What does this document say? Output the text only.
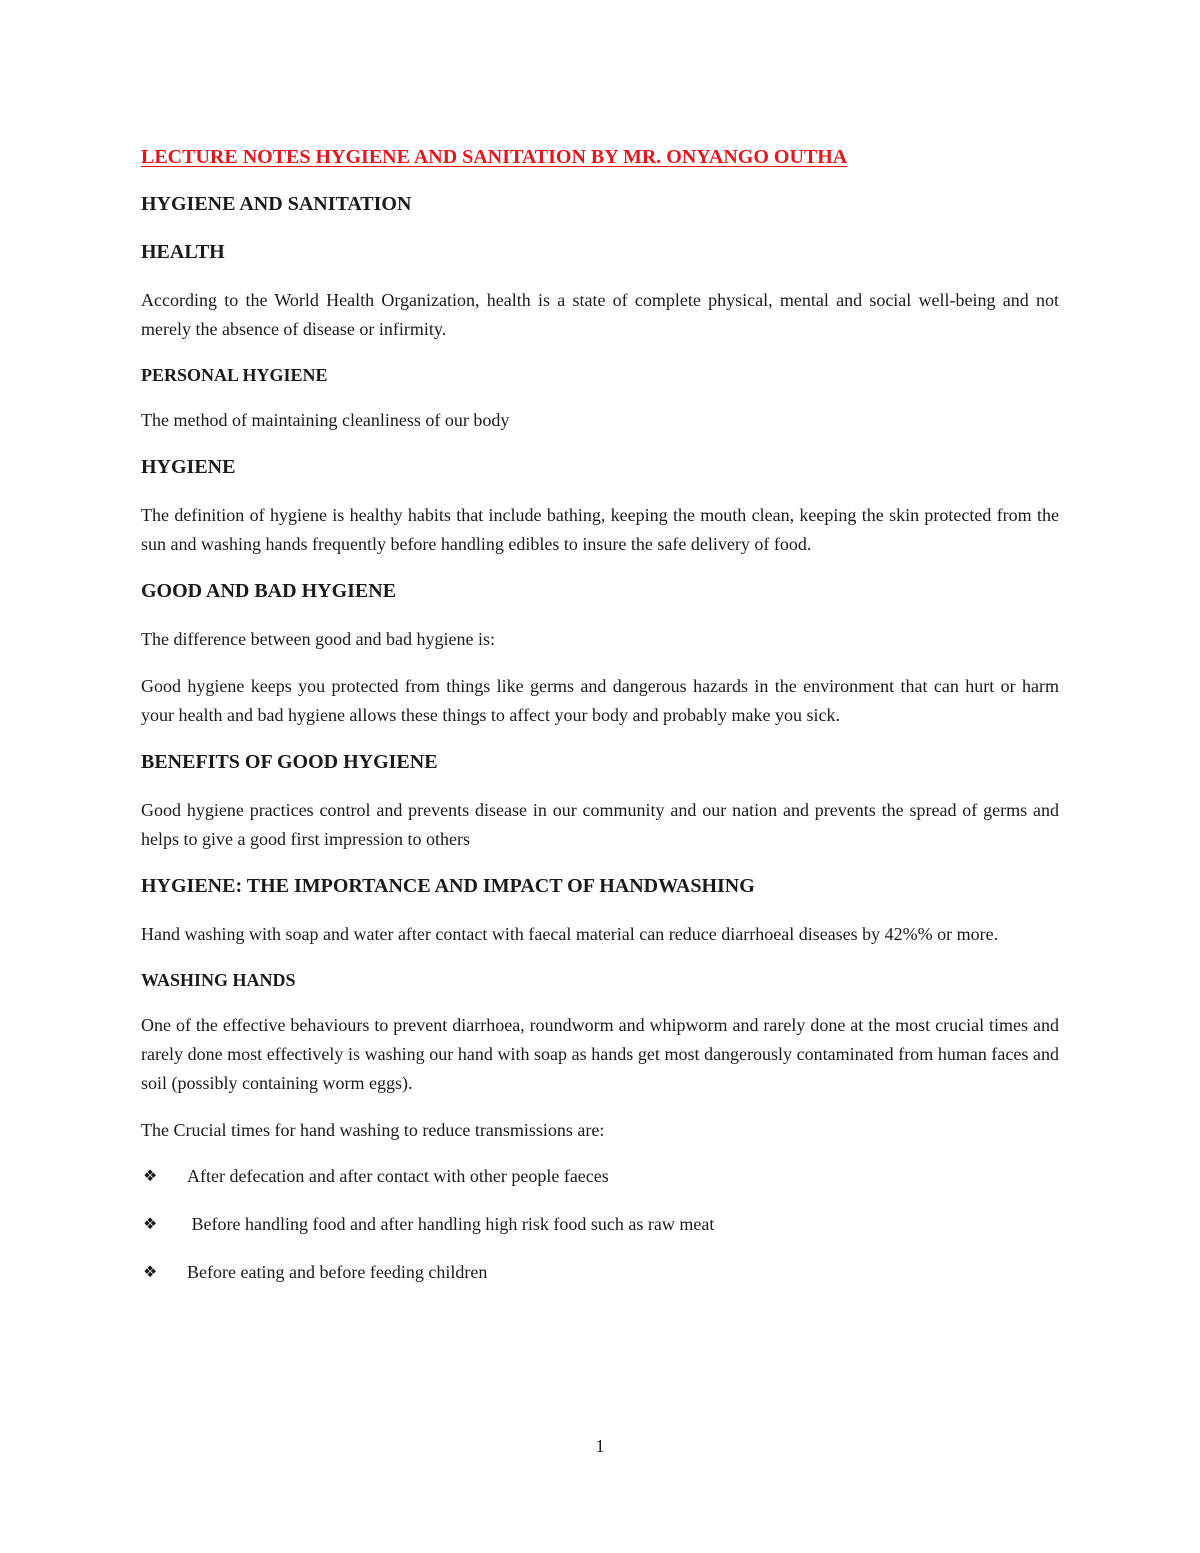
LECTURE NOTES HYGIENE AND SANITATION BY MR. ONYANGO OUTHA
HYGIENE AND SANITATION
HEALTH
According to the World Health Organization, health is a state of complete physical, mental and social well-being and not merely the absence of disease or infirmity.
PERSONAL HYGIENE
The method of maintaining cleanliness of our body
HYGIENE
The definition of hygiene is healthy habits that include bathing, keeping the mouth clean, keeping the skin protected from the sun and washing hands frequently before handling edibles to insure the safe delivery of food.
GOOD AND BAD HYGIENE
The difference between good and bad hygiene is:
Good hygiene keeps you protected from things like germs and dangerous hazards in the environment that can hurt or harm your health and bad hygiene allows these things to affect your body and probably make you sick.
BENEFITS OF GOOD HYGIENE
Good hygiene practices control and prevents disease in our community and our nation and prevents the spread of germs and helps to give a good first impression to others
HYGIENE: THE IMPORTANCE AND IMPACT OF HANDWASHING
Hand washing with soap and water after contact with faecal material can reduce diarrhoeal diseases by 42%% or more.
WASHING HANDS
One of the effective behaviours to prevent diarrhoea, roundworm and whipworm and rarely done at the most crucial times and rarely done most effectively is washing our hand with soap as hands get most dangerously contaminated from human faces and soil (possibly containing worm eggs).
The Crucial times for hand washing to reduce transmissions are:
❖	After defecation and after contact with other people faeces
❖	Before handling food and after handling high risk food such as raw meat
❖	Before eating and before feeding children
1
